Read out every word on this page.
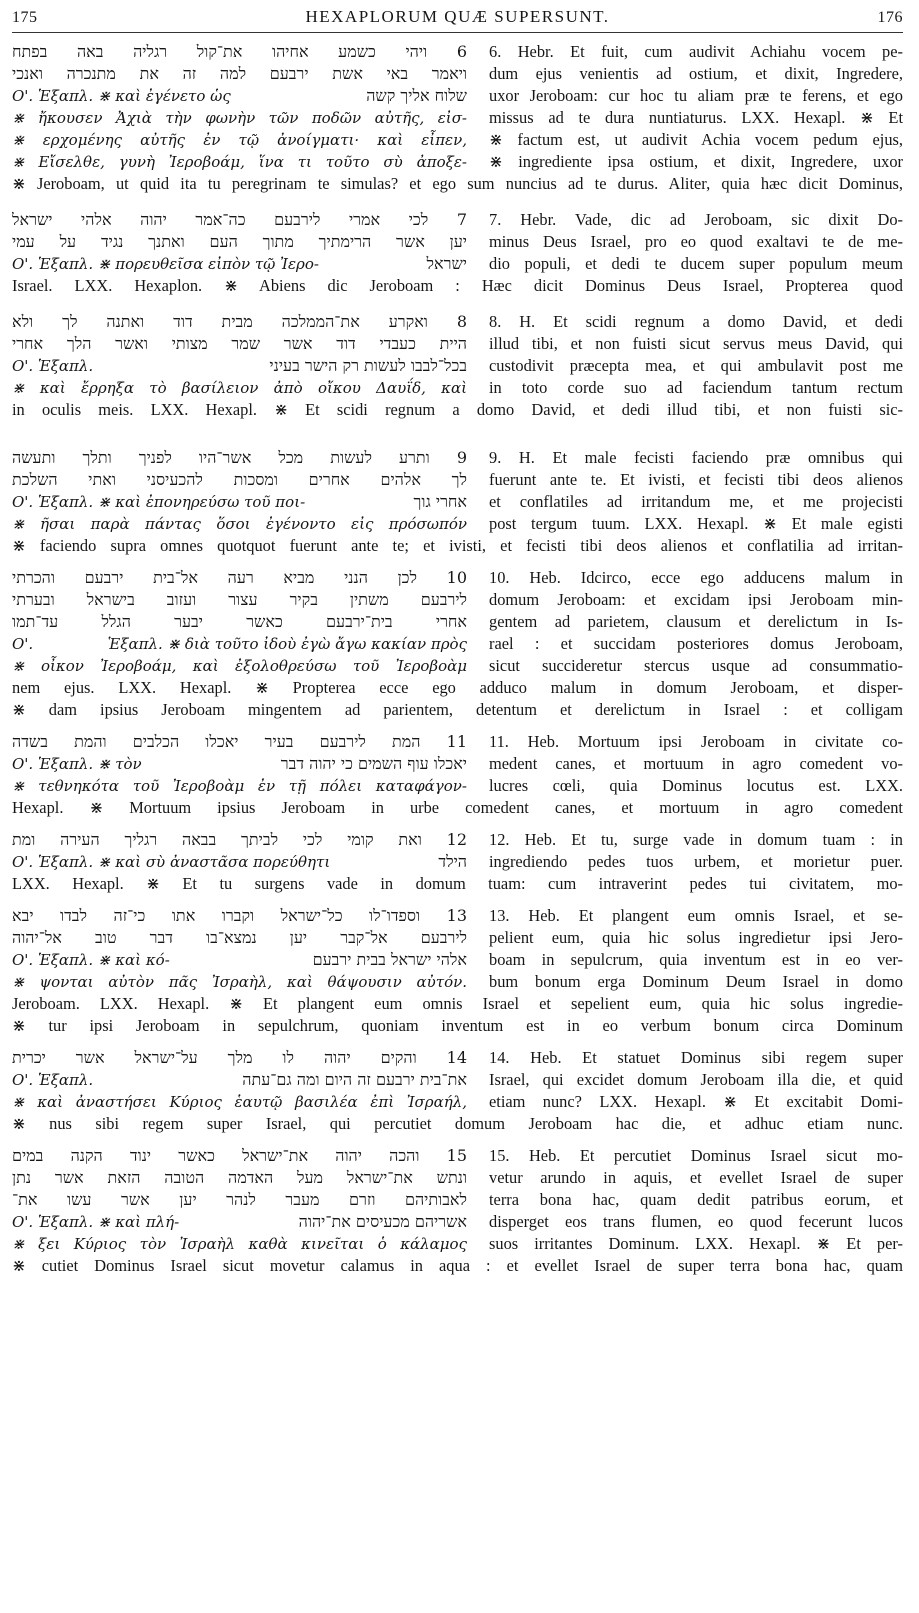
175	HEXAPLORUM QUÆ SUPERSUNT.	176
6 ויהי כשמע אחיהו את־קול רגליה באה בפתח
ויאמר באי אשת ירבעם למה זה את מתנכרה ואנכי
שלוח אליך קשה
O'. Ἑξαπλ. ⋇ καὶ ἐγένετο ὡς
⋇ ἤκουσεν Ἀχιὰ τὴν φωνὴν τῶν ποδῶν αὐτῆς, εἰσ-
⋇ ερχομένης αὐτῆς ἐν τῷ ἀνοίγματι· καὶ εἶπεν,
⋇ Εἴσελθε, γυνὴ Ἰεροβοάμ, ἵνα τι τοῦτο σὺ ἀποξε-
6. Hebr. Et fuit, cum audivit Achiahu vocem pe-
dum ejus venientis ad ostium, et dixit, Ingredere,
uxor Jeroboam: cur hoc tu aliam præ te ferens, et ego
missus ad te dura nuntiaturus. LXX. Hexapl. ⋇ Et
⋇ factum est, ut audivit Achia vocem pedum ejus,
⋇ ingrediente ipsa ostium, et dixit, Ingredere, uxor
⋇ Jeroboam, ut quid ita tu peregrinam te simulas? et ego sum nuncius ad te durus. Aliter, quia hæc dicit Dominus,
7 לכי אמרי לירבעם כה־אמר יהוה אלהי ישראל
יען אשר הרימתיך מתוך העם ואתנך נגיד על עמי
ישראל
O'. Ἑξαπλ. ⋇ πορευθεῖσα εἰπὸν τῷ Ἰερο-
7. Hebr. Vade, dic ad Jeroboam, sic dixit Do-
minus Deus Israel, pro eo quod exaltavi te de me-
dio populi, et dedi te ducem super populum meum
Israel. LXX. Hexaplon. ⋇ Abiens dic Jeroboam : Hæc dicit Dominus Deus Israel, Propterea quod
8 ואקרע את־הממלכה מבית דוד ואתנה לך ולא
היית כעבדי דוד אשר שמר מצותי ואשר הלך אחרי
בכל־לבבו לעשות רק הישר בעיני
O'. Ἑξαπλ.
⋇ καὶ ἔρρηξα τὸ βασίλειον ἀπὸ οἴκου Δαυΐδ, καὶ
8. H. Et scidi regnum a domo David, et dedi
illud tibi, et non fuisti sicut servus meus David, qui
custodivit præcepta mea, et qui ambulavit post me
in toto corde suo ad faciendum tantum rectum
in oculis meis. LXX. Hexapl. ⋇ Et scidi regnum a domo David, et dedi illud tibi, et non fuisti sic-
9 ותרע לעשות מכל אשר־היו לפניך ותלך ותעשה
לך אלהים אחרים ומסכות להכעיסני ואתי השלכת
אחרי גוך
O'. Ἑξαπλ. ⋇ καὶ ἐπονηρεύσω τοῦ ποι-
⋇ ῆσαι παρὰ πάντας ὅσοι ἐγένοντο εἰς πρόσωπόν
9. H. Et male fecisti faciendo præ omnibus qui
fuerunt ante te. Et ivisti, et fecisti tibi deos alienos
et conflatiles ad irritandum me, et me projecisti
post tergum tuum. LXX. Hexapl. ⋇ Et male egisti
⋇ faciendo supra omnes quotquot fuerunt ante te; et ivisti, et fecisti tibi deos alienos et conflatilia ad irritan-
10 לכן הנני מביא רעה אל־בית ירבעם והכרתי
לירבעם משתין בקיר עצור ועזוב בישראל ובערתי
אחרי בית־ירבעם כאשר יבער הגלל עד־תמו
O'.	Ἑξαπλ. ⋇ διὰ τοῦτο ἰδοὺ ἐγὼ ἄγω κακίαν πρὸς
⋇ οἶκον Ἰεροβοάμ, καὶ ἐξολοθρεύσω τοῦ Ἰεροβοὰμ
10. Heb. Idcirco, ecce ego adducens malum in
domum Jeroboam: et excidam ipsi Jeroboam min-
gentem ad parietem, clausum et derelictum in Is-
rael : et succidam posteriores domus Jeroboam,
sicut succideretur stercus usque ad consummatio-
nem ejus. LXX. Hexapl. ⋇ Propterea ecce ego adduco malum in domum Jeroboam, et disper-
⋇ dam ipsius Jeroboam mingentem ad parientem, detentum et derelictum in Israel : et colligam
11 המת לירבעם בעיר יאכלו הכלבים והמת בשדה
יאכלו עוף השמים כי יהוה דבר
O'. Ἑξαπλ. ⋇ τὸν
⋇ τεθνηκότα τοῦ Ἰεροβοὰμ ἐν τῇ πόλει καταφάγον-
11. Heb. Mortuum ipsi Jeroboam in civitate co-
medent canes, et mortuum in agro comedent vo-
lucres cœli, quia Dominus locutus est. LXX.
Hexapl. ⋇ Mortuum ipsius Jeroboam in urbe comedent canes, et mortuum in agro comedent
12 ואת קומי לכי לביתך בבאה רגליך העירה ומת
הילד
O'. Ἑξαπλ. ⋇ καὶ σὺ ἀναστᾶσα πορεύθητι
12. Heb. Et tu, surge vade in domum tuam : in
ingrediendo pedes tuos urbem, et morietur puer.
LXX. Hexapl. ⋇ Et tu surgens vade in domum tuam: cum intraverint pedes tui civitatem, mo-
13 וספדו־לו כל־ישראל וקברו אתו כי־זה לבדו יבא
לירבעם אל־קבר יען נמצא־בו דבר טוב אל־יהוה
אלהי ישראל בבית ירבעם
O'. Ἑξαπλ. ⋇ καὶ κό-
⋇ ψονται αὐτὸν πᾶς Ἰσραὴλ, καὶ θάψουσιν αὐτόν.
13. Heb. Et plangent eum omnis Israel, et se-
pelient eum, quia hic solus ingredietur ipsi Jero-
boam in sepulcrum, quia inventum est in eo ver-
bum bonum erga Dominum Deum Israel in domo
Jeroboam. LXX. Hexapl. ⋇ Et plangent eum omnis Israel et sepelient eum, quia hic solus ingredie-
⋇ tur ipsi Jeroboam in sepulchrum, quoniam inventum est in eo verbum bonum circa Dominum
14 והקים יהוה לו מלך על־ישראל אשר יכרית
את־בית ירבעם זה היום ומה גם־עתה
O'. Ἑξαπλ.
⋇ καὶ ἀναστήσει Κύριος ἑαυτῷ βασιλέα ἐπὶ Ἰσραήλ,
14. Heb. Et statuet Dominus sibi regem super
Israel, qui excidet domum Jeroboam illa die, et quid
etiam nunc? LXX. Hexapl. ⋇ Et excitabit Domi-
⋇ nus sibi regem super Israel, qui percutiet domum Jeroboam hac die, et adhuc etiam nunc.
15 והכה יהוה את־ישראל כאשר ינוד הקנה במים
ונתש את־ישראל מעל האדמה הטובה הזאת אשר נתן
לאבותיהם וזרם מעבר לנהר יען אשר עשו את־
אשריהם מכעיסים את־יהוה
O'. Ἑξαπλ. ⋇ καὶ πλή-
⋇ ξει Κύριος τὸν Ἰσραὴλ καθὰ κινεῖται ὁ κάλαμος
15. Heb. Et percutiet Dominus Israel sicut mo-
vetur arundo in aquis, et evellet Israel de super
terra bona hac, quam dedit patribus eorum, et
disperget eos trans flumen, eo quod fecerunt lucos
suos irritantes Dominum. LXX. Hexapl. ⋇ Et per-
⋇ cutiet Dominus Israel sicut movetur calamus in aqua : et evellet Israel de super terra bona hac, quam
